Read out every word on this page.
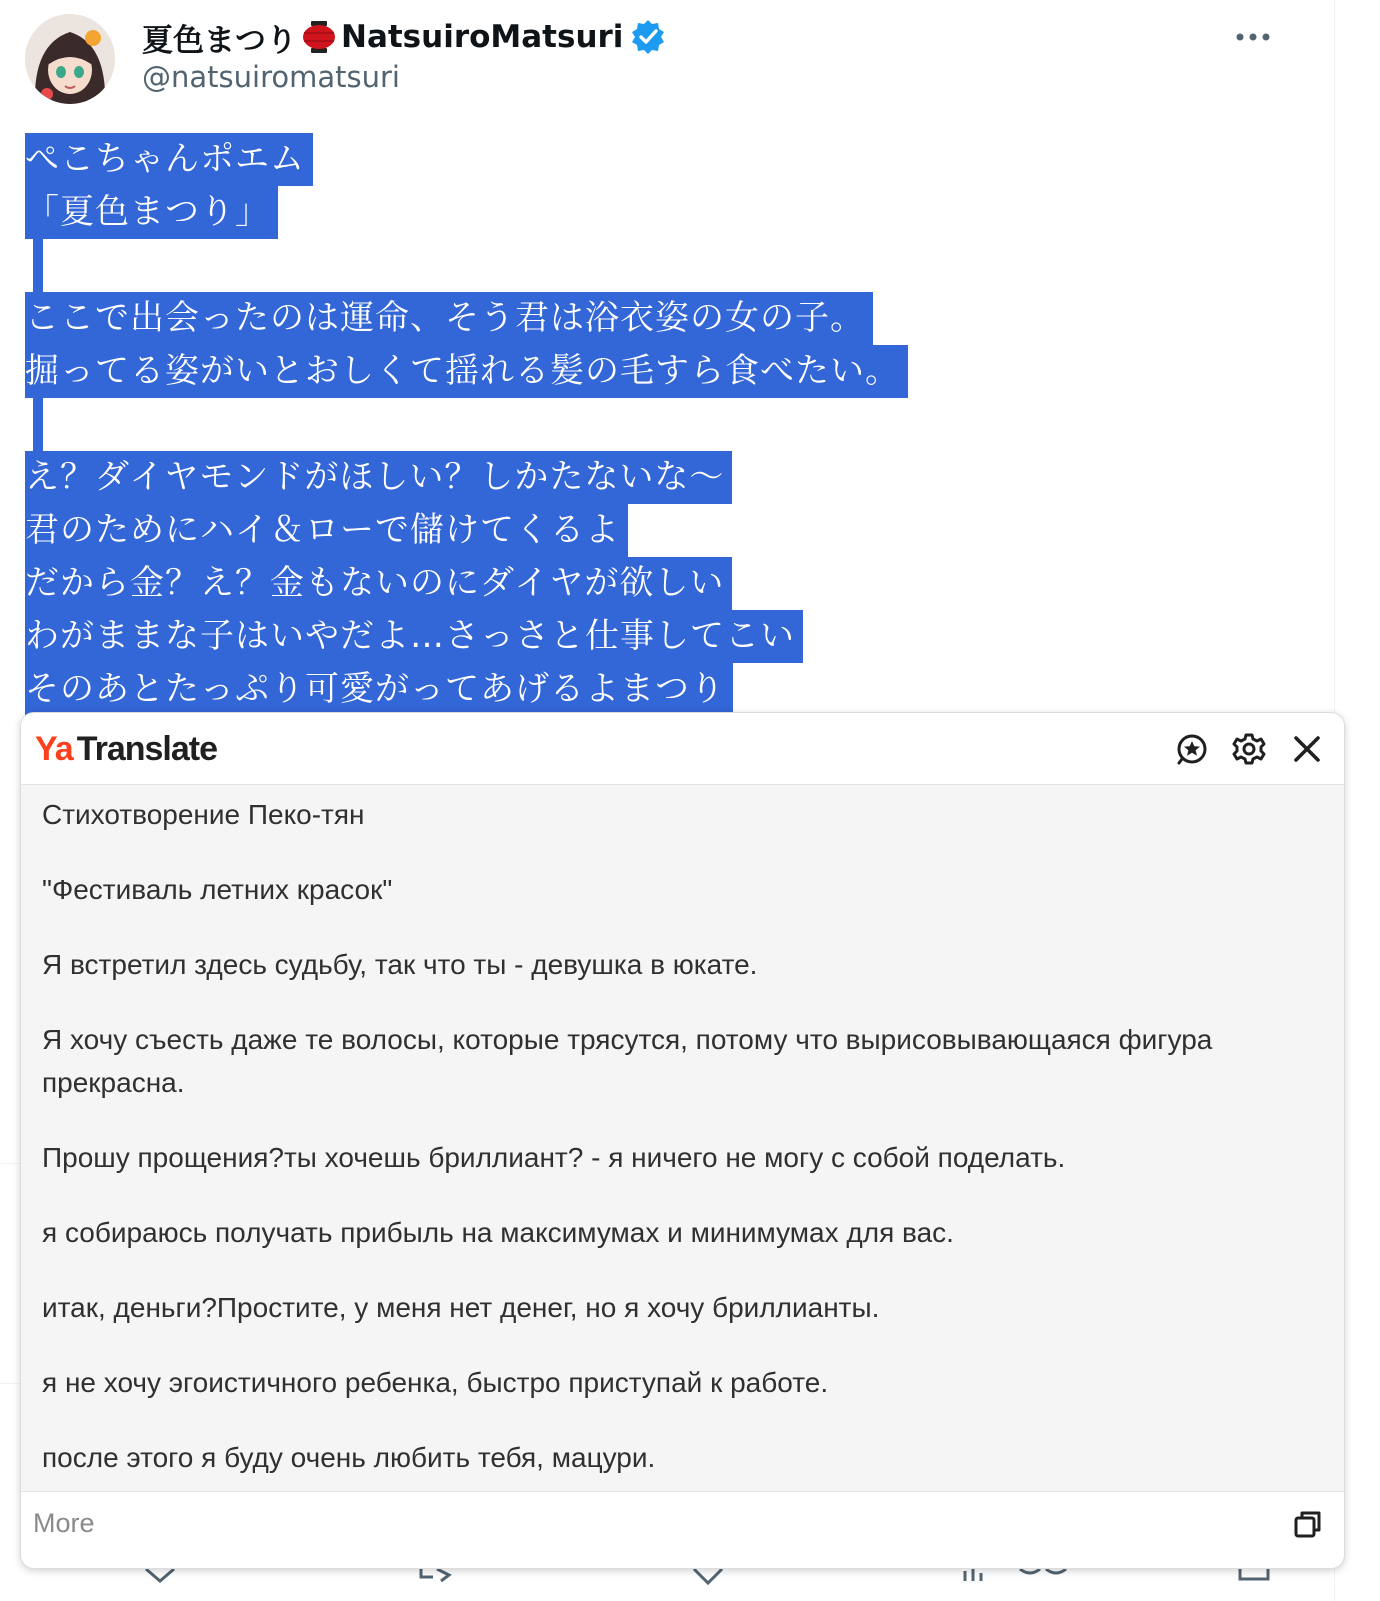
夏色まつり NatsuiroMatsuri
@natsuiromatsuri
ぺこちゃんポエム
「夏色まつり」
ここで出会ったのは運命、そう君は浴衣姿の女の子。
掘ってる姿がいとおしくて揺れる髪の毛すら食べたい。
え？ダイヤモンドがほしい？しかたないな〜
君のためにハイ＆ローで儲けてくるよ
だから金？え？金もないのにダイヤが欲しい
わがままな子はいやだよ…さっさと仕事してこい
そのあとたっぷり可愛がってあげるよまつり
Ya Translate
Стихотворение Пеко-тян
"Фестиваль летних красок"
Я встретил здесь судьбу, так что ты - девушка в юкате.
Я хочу съесть даже те волосы, которые трясутся, потому что вырисовывающаяся фигура прекрасна.
Прошу прощения?ты хочешь бриллиант? - я ничего не могу с собой поделать.
я собираюсь получать прибыль на максимумах и минимумах для вас.
итак, деньги?Простите, у меня нет денег, но я хочу бриллианты.
я не хочу эгоистичного ребенка, быстро приступай к работе.
после этого я буду очень любить тебя, мацури.
More
